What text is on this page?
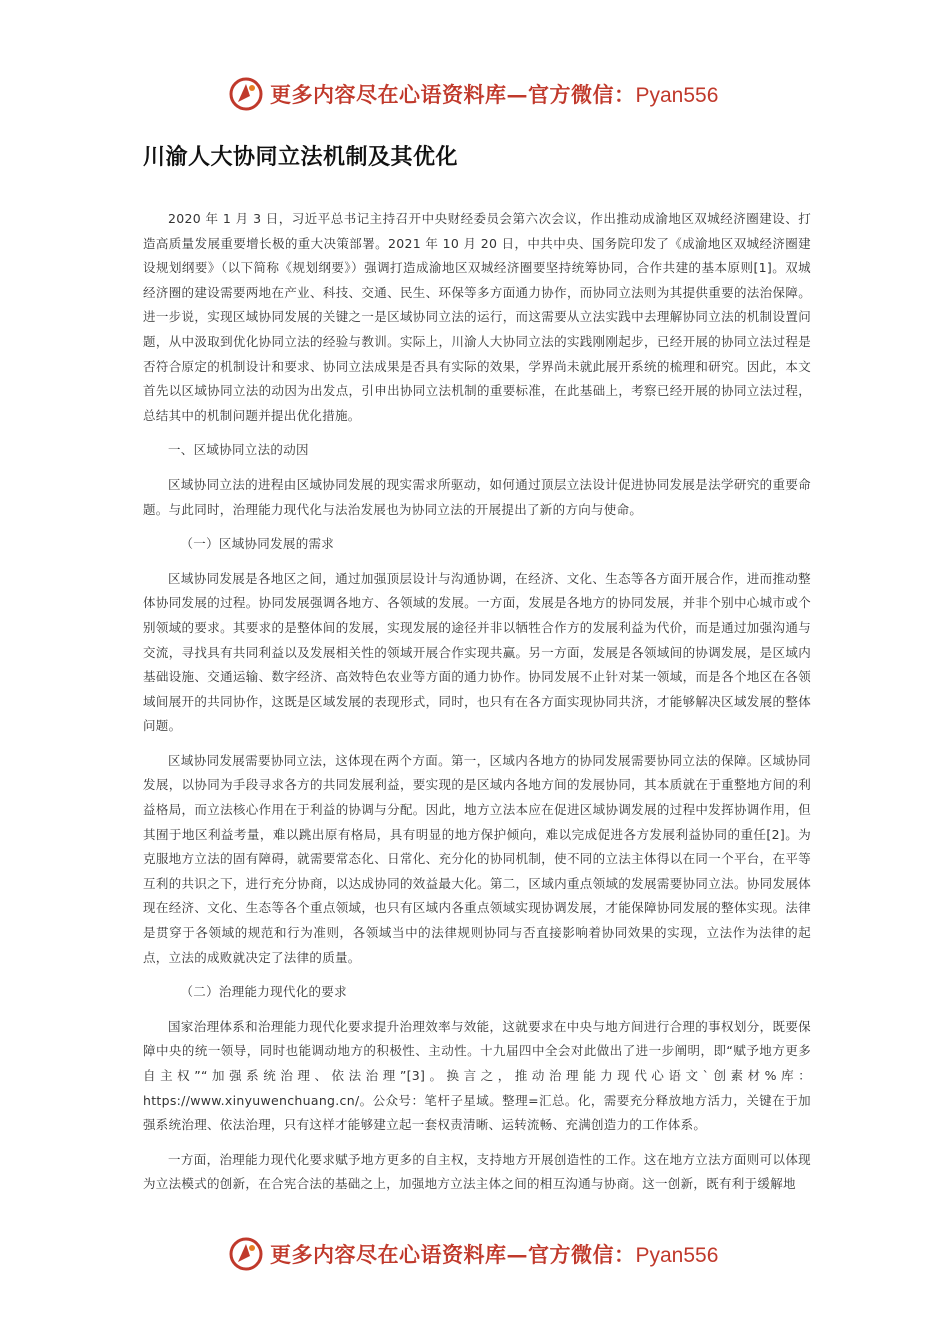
更多内容尽在心语资料库—官方微信：Pyan556
川渝人大协同立法机制及其优化

2020 年 1 月 3 日，习近平总书记主持召开中央财经委员会第六次会议，作出推动成渝地区双城经济圈建设、打造高质量发展重要增长极的重大决策部署。2021 年 10 月 20 日，中共中央、国务院印发了《成渝地区双城经济圈建设规划纲要》（以下简称《规划纲要》）强调打造成渝地区双城经济圈要坚持统筹协同，合作共建的基本原则[1]。双城经济圈的建设需要两地在产业、科技、交通、民生、环保等多方面通力协作，而协同立法则为其提供重要的法治保障。进一步说，实现区域协同发展的关键之一是区域协同立法的运行，而这需要从立法实践中去理解协同立法的机制设置问题，从中汲取到优化协同立法的经验与教训。实际上，川渝人大协同立法的实践刚刚起步，已经开展的协同立法过程是否符合原定的机制设计和要求、协同立法成果是否具有实际的效果，学界尚未就此展开系统的梳理和研究。因此，本文首先以区域协同立法的动因为出发点，引申出协同立法机制的重要标准，在此基础上，考察已经开展的协同立法过程，总结其中的机制问题并提出优化措施。

一、区域协同立法的动因

区域协同立法的进程由区域协同发展的现实需求所驱动，如何通过顶层立法设计促进协同发展是法学研究的重要命题。与此同时，治理能力现代化与法治发展也为协同立法的开展提出了新的方向与使命。

（一）区域协同发展的需求

区域协同发展是各地区之间，通过加强顶层设计与沟通协调，在经济、文化、生态等各方面开展合作，进而推动整体协同发展的过程。协同发展强调各地方、各领域的发展。一方面，发展是各地方的协同发展，并非个别中心城市或个别领域的要求。其要求的是整体间的发展，实现发展的途径并非以牺牲合作方的发展利益为代价，而是通过加强沟通与交流，寻找具有共同利益以及发展相关性的领域开展合作实现共赢。另一方面，发展是各领域间的协调发展，是区域内基础设施、交通运输、数字经济、高效特色农业等方面的通力协作。协同发展不止针对某一领域，而是各个地区在各领域间展开的共同协作，这既是区域发展的表现形式，同时，也只有在各方面实现协同共济，才能够解决区域发展的整体问题。

区域协同发展需要协同立法，这体现在两个方面。第一，区域内各地方的协同发展需要协同立法的保障。区域协同发展，以协同为手段寻求各方的共同发展利益，要实现的是区域内各地方间的发展协同，其本质就在于重整地方间的利益格局，而立法核心作用在于利益的协调与分配。因此，地方立法本应在促进区域协调发展的过程中发挥协调作用，但其囿于地区利益考量，难以跳出原有格局，具有明显的地方保护倾向，难以完成促进各方发展利益协同的重任[2]。为克服地方立法的固有障碍，就需要常态化、日常化、充分化的协同机制，使不同的立法主体得以在同一个平台，在平等互利的共识之下，进行充分协商，以达成协同的效益最大化。第二，区域内重点领域的发展需要协同立法。协同发展体现在经济、文化、生态等各个重点领域，也只有区域内各重点领域实现协调发展，才能保障协同发展的整体实现。法律是贯穿于各领域的规范和行为准则，各领域当中的法律规则协同与否直接影响着协同效果的实现，立法作为法律的起点，立法的成败就决定了法律的质量。

（二）治理能力现代化的要求

国家治理体系和治理能力现代化要求提升治理效率与效能，这就要求在中央与地方间进行合理的事权划分，既要保障中央的统一领导，同时也能调动地方的积极性、主动性。十九届四中全会对此做出了进一步阐明，即“赋予地方更多自主权”“加强系统治理、依法治理”[3]。换言之，推动治理能力现代心语文`创素材%库：https://www.xinyuwenchuang.cn/。公众号：笔杆子星域。整理=汇总。化，需要充分释放地方活力，关键在于加强系统治理、依法治理，只有这样才能够建立起一套权责清晰、运转流畅、充满创造力的工作体系。

一方面，治理能力现代化要求赋予地方更多的自主权，支持地方开展创造性的工作。这在地方立法方面则可以体现为立法模式的创新，在合宪合法的基础之上，加强地方立法主体之间的相互沟通与协商。这一创新，既有利于缓解地

更多内容尽在心语资料库—官方微信：Pyan556
